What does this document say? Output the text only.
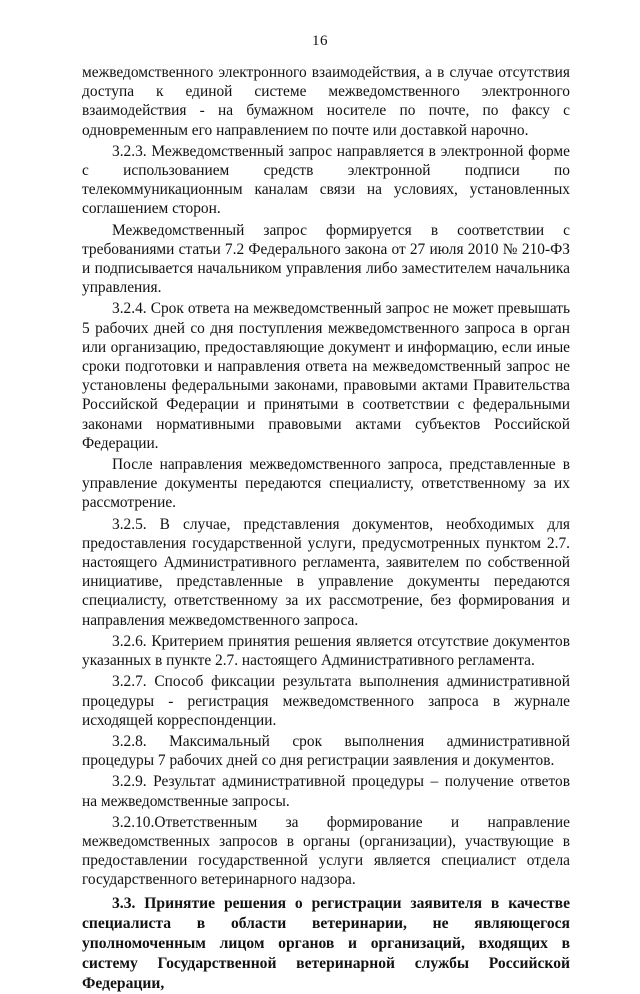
16

межведомственного электронного взаимодействия, а в случае отсутствия доступа к единой системе межведомственного электронного взаимодействия - на бумажном носителе по почте, по факсу с одновременным его направлением по почте или доставкой нарочно.

3.2.3. Межведомственный запрос направляется в электронной форме с использованием средств электронной подписи по телекоммуникационным каналам связи на условиях, установленных соглашением сторон.

Межведомственный запрос формируется в соответствии с требованиями статьи 7.2 Федерального закона от 27 июля 2010 № 210-ФЗ и подписывается начальником управления либо заместителем начальника управления.

3.2.4. Срок ответа на межведомственный запрос не может превышать 5 рабочих дней со дня поступления межведомственного запроса в орган или организацию, предоставляющие документ и информацию, если иные сроки подготовки и направления ответа на межведомственный запрос не установлены федеральными законами, правовыми актами Правительства Российской Федерации и принятыми в соответствии с федеральными законами нормативными правовыми актами субъектов Российской Федерации.

После направления межведомственного запроса, представленные в управление документы передаются специалисту, ответственному за их рассмотрение.

3.2.5. В случае, представления документов, необходимых для предоставления государственной услуги, предусмотренных пунктом 2.7. настоящего Административного регламента, заявителем по собственной инициативе, представленные в управление документы передаются специалисту, ответственному за их рассмотрение, без формирования и направления межведомственного запроса.

3.2.6. Критерием принятия решения является отсутствие документов указанных в пункте 2.7. настоящего Административного регламента.

3.2.7. Способ фиксации результата выполнения административной процедуры - регистрация межведомственного запроса в журнале исходящей корреспонденции.

3.2.8. Максимальный срок выполнения административной процедуры 7 рабочих дней со дня регистрации заявления и документов.

3.2.9. Результат административной процедуры – получение ответов на межведомственные запросы.

3.2.10.Ответственным за формирование и направление межведомственных запросов в органы (организации), участвующие в предоставлении государственной услуги является специалист отдела государственного ветеринарного надзора.

3.3. Принятие решения о регистрации заявителя в качестве специалиста в области ветеринарии, не являющегося уполномоченным лицом органов и организаций, входящих в систему Государственной ветеринарной службы Российской Федерации,
